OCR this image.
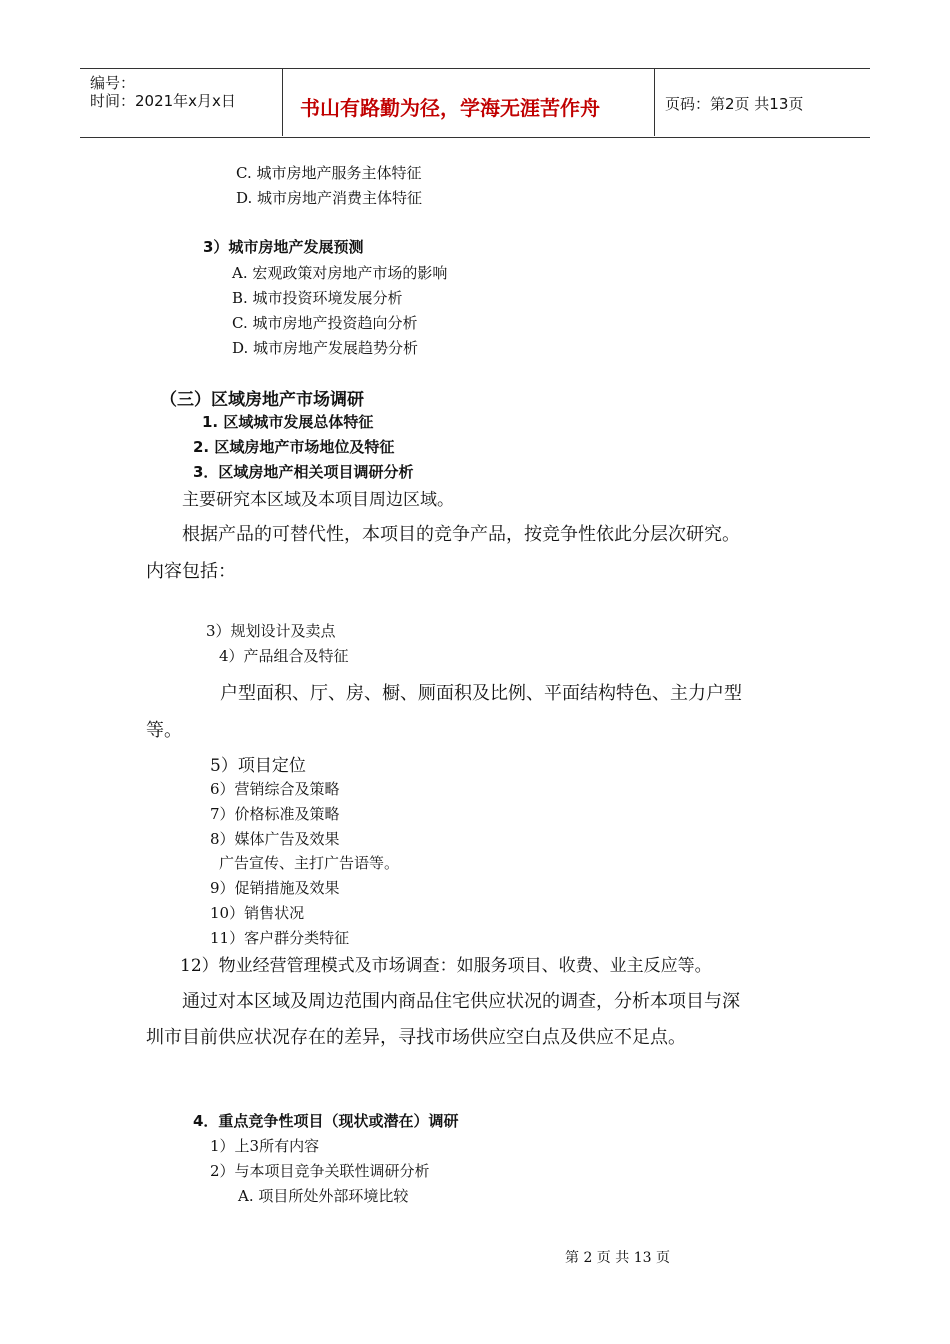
编号：
时间：2021年x月x日	书山有路勤为径，学海无涯苦作舟	页码：第2页 共13页
C. 城市房地产服务主体特征
D. 城市房地产消费主体特征
3）城市房地产发展预测
A. 宏观政策对房地产市场的影响
B. 城市投资环境发展分析
C. 城市房地产投资趋向分析
D. 城市房地产发展趋势分析
（三）区域房地产市场调研
1. 区域城市发展总体特征
2. 区域房地产市场地位及特征
3．区域房地产相关项目调研分析
主要研究本区域及本项目周边区域。
根据产品的可替代性，本项目的竞争产品，按竞争性依此分层次研究。
内容包括：
3）规划设计及卖点
4）产品组合及特征
户型面积、厅、房、橱、厕面积及比例、平面结构特色、主力户型
等。
5）项目定位
6）营销综合及策略
7）价格标准及策略
8）媒体广告及效果
广告宣传、主打广告语等。
9）促销措施及效果
10）销售状况
11）客户群分类特征
12）物业经营管理模式及市场调查：如服务项目、收费、业主反应等。
通过对本区域及周边范围内商品住宅供应状况的调查，分析本项目与深
圳市目前供应状况存在的差异，寻找市场供应空白点及供应不足点。
4．重点竞争性项目（现状或潜在）调研
1）上3所有内容
2）与本项目竞争关联性调研分析
A. 项目所处外部环境比较
第 2 页 共 13 页
